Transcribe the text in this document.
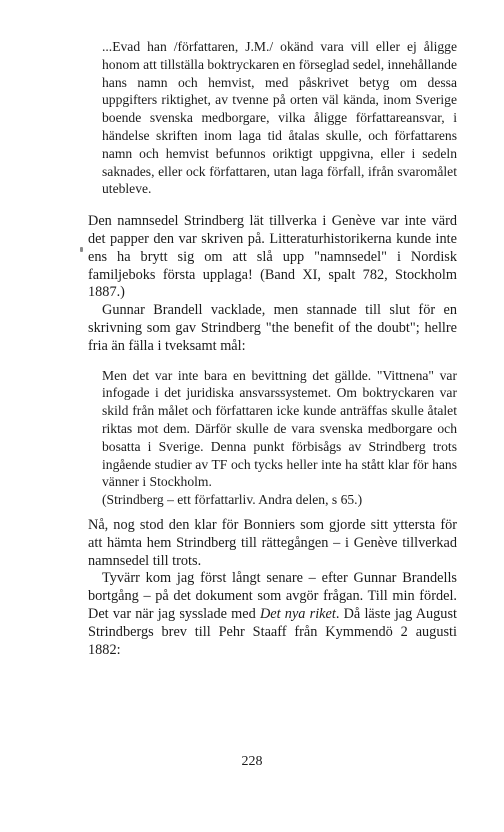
...Evad han /författaren, J.M./ okänd vara vill eller ej åligge honom att tillställa boktryckaren en förseglad sedel, innehållande hans namn och hemvist, med påskrivet betyg om dessa uppgifters riktighet, av tvenne på orten väl kända, inom Sverige boende svenska medborgare, vilka åligge författareansvar, i händelse skriften inom laga tid åtalas skulle, och författarens namn och hemvist befunnos oriktigt uppgivna, eller i sedeln saknades, eller ock författaren, utan laga förfall, ifrån svaromålet utebleve.

Den namnsedel Strindberg lät tillverka i Genève var inte värd det papper den var skriven på. Litteraturhistorikerna kunde inte ens ha brytt sig om att slå upp "namnsedel" i Nordisk familjeboks första upplaga! (Band XI, spalt 782, Stockholm 1887.)

Gunnar Brandell vacklade, men stannade till slut för en skrivning som gav Strindberg "the benefit of the doubt"; hellre fria än fälla i tveksamt mål:

Men det var inte bara en bevittning det gällde. "Vittnena" var infogade i det juridiska ansvarssystemet. Om boktryckaren var skild från målet och författaren icke kunde anträffas skulle åtalet riktas mot dem. Därför skulle de vara svenska medborgare och bosatta i Sverige. Denna punkt förbisågs av Strindberg trots ingående studier av TF och tycks heller inte ha stått klar för hans vänner i Stockholm.
(Strindberg – ett författarliv. Andra delen, s 65.)

Nå, nog stod den klar för Bonniers som gjorde sitt yttersta för att hämta hem Strindberg till rättegången – i Genève tillverkad namnsedel till trots.

Tyvärr kom jag först långt senare – efter Gunnar Brandells bortgång – på det dokument som avgör frågan. Till min fördel. Det var när jag sysslade med Det nya riket. Då läste jag August Strindbergs brev till Pehr Staaff från Kymmendö 2 augusti 1882:

228
